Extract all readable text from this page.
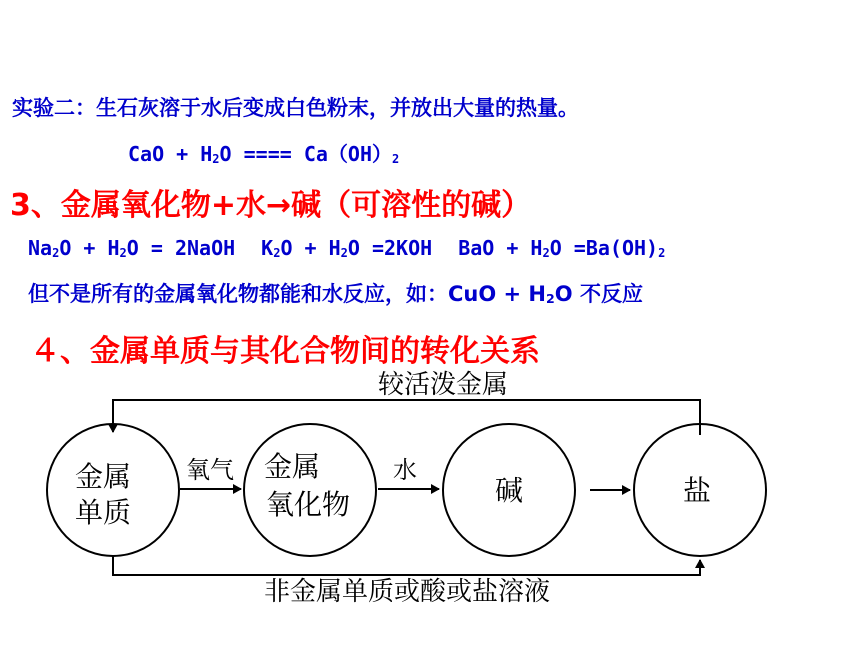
实验二：生石灰溶于水后变成白色粉末，并放出大量的热量。
CaO + $H_2O$ ==== $Ca(OH)_2$
3、金属氧化物+水→碱（可溶性的碱）
$Na_2O + H_2O$ = 2NaOH $K_2O + H_2O =2KOH$ BaO + $H_2O =Ba(OH)_2$
但不是所有的金属氧化物都能和水反应，如：CuO + $H_2O$ 不反应
４、金属单质与其化合物间的转化关系
较活泼金属
金属
单质
金属
氧化物	碱	盐
氧气	水
非金属单质或酸或盐溶液
